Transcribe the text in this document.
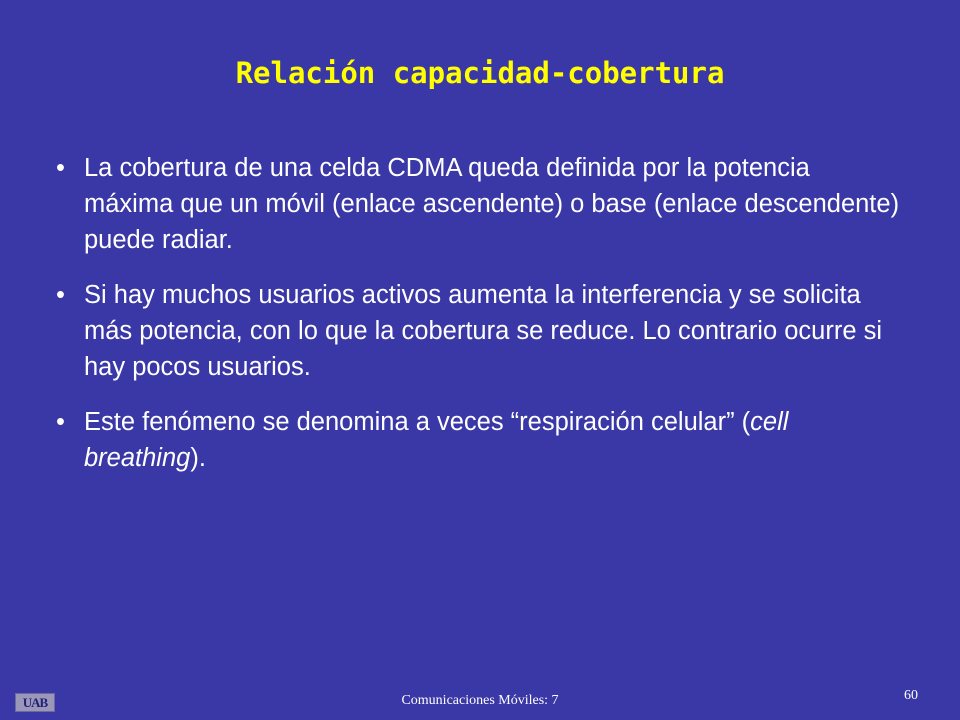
Relación capacidad-cobertura
• La cobertura de una celda CDMA queda definida por la potencia máxima que un móvil (enlace ascendente) o base (enlace descendente) puede radiar.
• Si hay muchos usuarios activos aumenta la interferencia y se solicita más potencia, con lo que la cobertura se reduce. Lo contrario ocurre si hay pocos usuarios.
• Este fenómeno se denomina a veces “respiración celular” (cell breathing).
UAB	Comunicaciones Móviles: 7	60
